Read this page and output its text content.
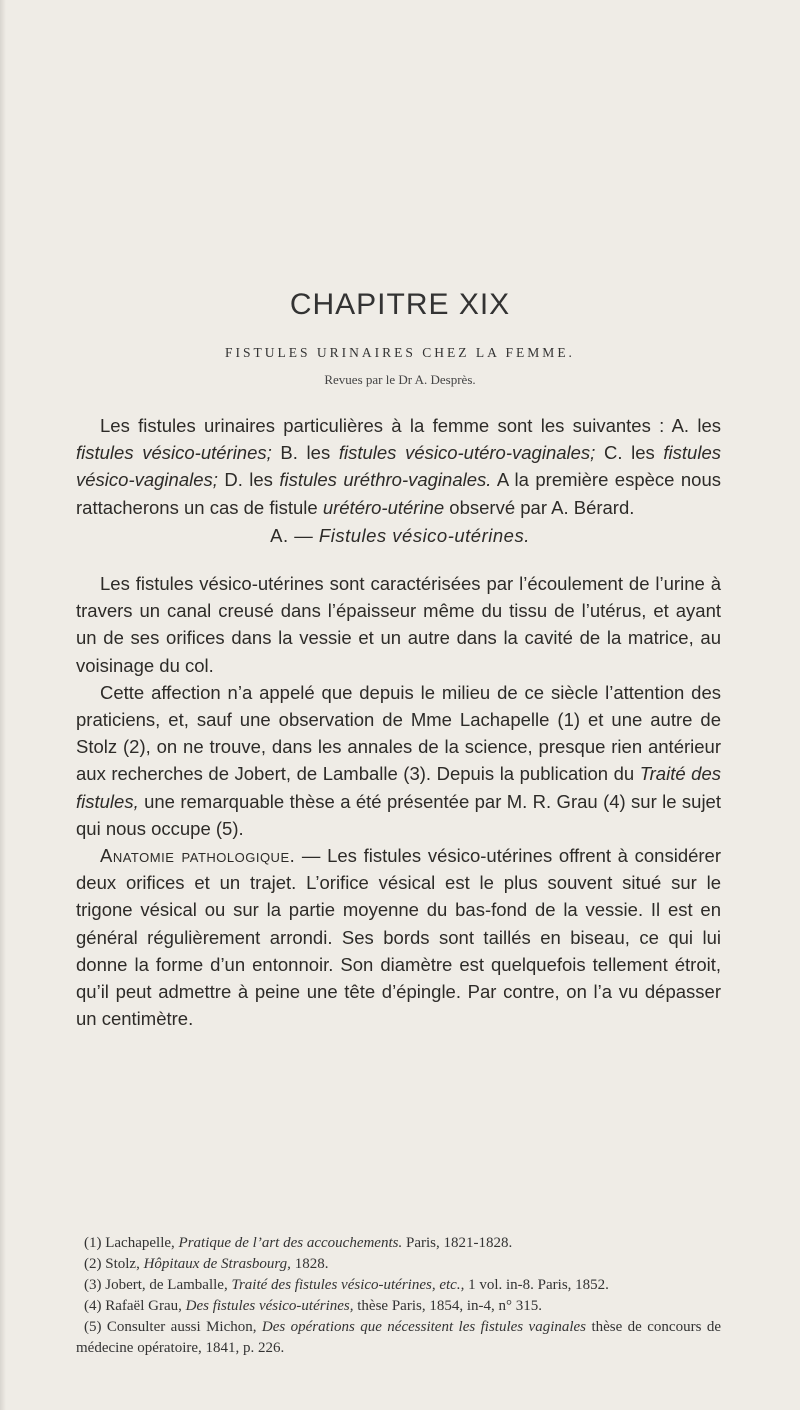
CHAPITRE XIX
FISTULES URINAIRES CHEZ LA FEMME.
Revues par le Dr A. Desprès.

Les fistules urinaires particulières à la femme sont les suivantes : A. les fistules vésico-utérines; B. les fistules vésico-utéro-vaginales; C. les fistules vésico-vaginales; D. les fistules uréthro-vaginales. A la première espèce nous rattacherons un cas de fistule urétéro-utérine observé par A. Bérard.

A. — Fistules vésico-utérines.

Les fistules vésico-utérines sont caractérisées par l’écoulement de l’urine à travers un canal creusé dans l’épaisseur même du tissu de l’utérus, et ayant un de ses orifices dans la vessie et un autre dans la cavité de la matrice, au voisinage du col.

Cette affection n’a appelé que depuis le milieu de ce siècle l’attention des praticiens, et, sauf une observation de Mme Lachapelle (1) et une autre de Stolz (2), on ne trouve, dans les annales de la science, presque rien antérieur aux recherches de Jobert, de Lamballe (3). Depuis la publication du Traité des fistules, une remarquable thèse a été présentée par M. R. Grau (4) sur le sujet qui nous occupe (5).

Anatomie pathologique. — Les fistules vésico-utérines offrent à considérer deux orifices et un trajet. L’orifice vésical est le plus souvent situé sur le trigone vésical ou sur la partie moyenne du bas-fond de la vessie. Il est en général régulièrement arrondi. Ses bords sont taillés en biseau, ce qui lui donne la forme d’un entonnoir. Son diamètre est quelquefois tellement étroit, qu’il peut admettre à peine une tête d’épingle. Par contre, on l’a vu dépasser un centimètre.

(1) Lachapelle, Pratique de l’art des accouchements. Paris, 1821-1828.

(2) Stolz, Hôpitaux de Strasbourg, 1828.

(3) Jobert, de Lamballe, Traité des fistules vésico-utérines, etc., 1 vol. in-8. Paris, 1852.

(4) Rafaël Grau, Des fistules vésico-utérines, thèse Paris, 1854, in-4, n° 315.

(5) Consulter aussi Michon, Des opérations que nécessitent les fistules vaginales thèse de concours de médecine opératoire, 1841, p. 226.
